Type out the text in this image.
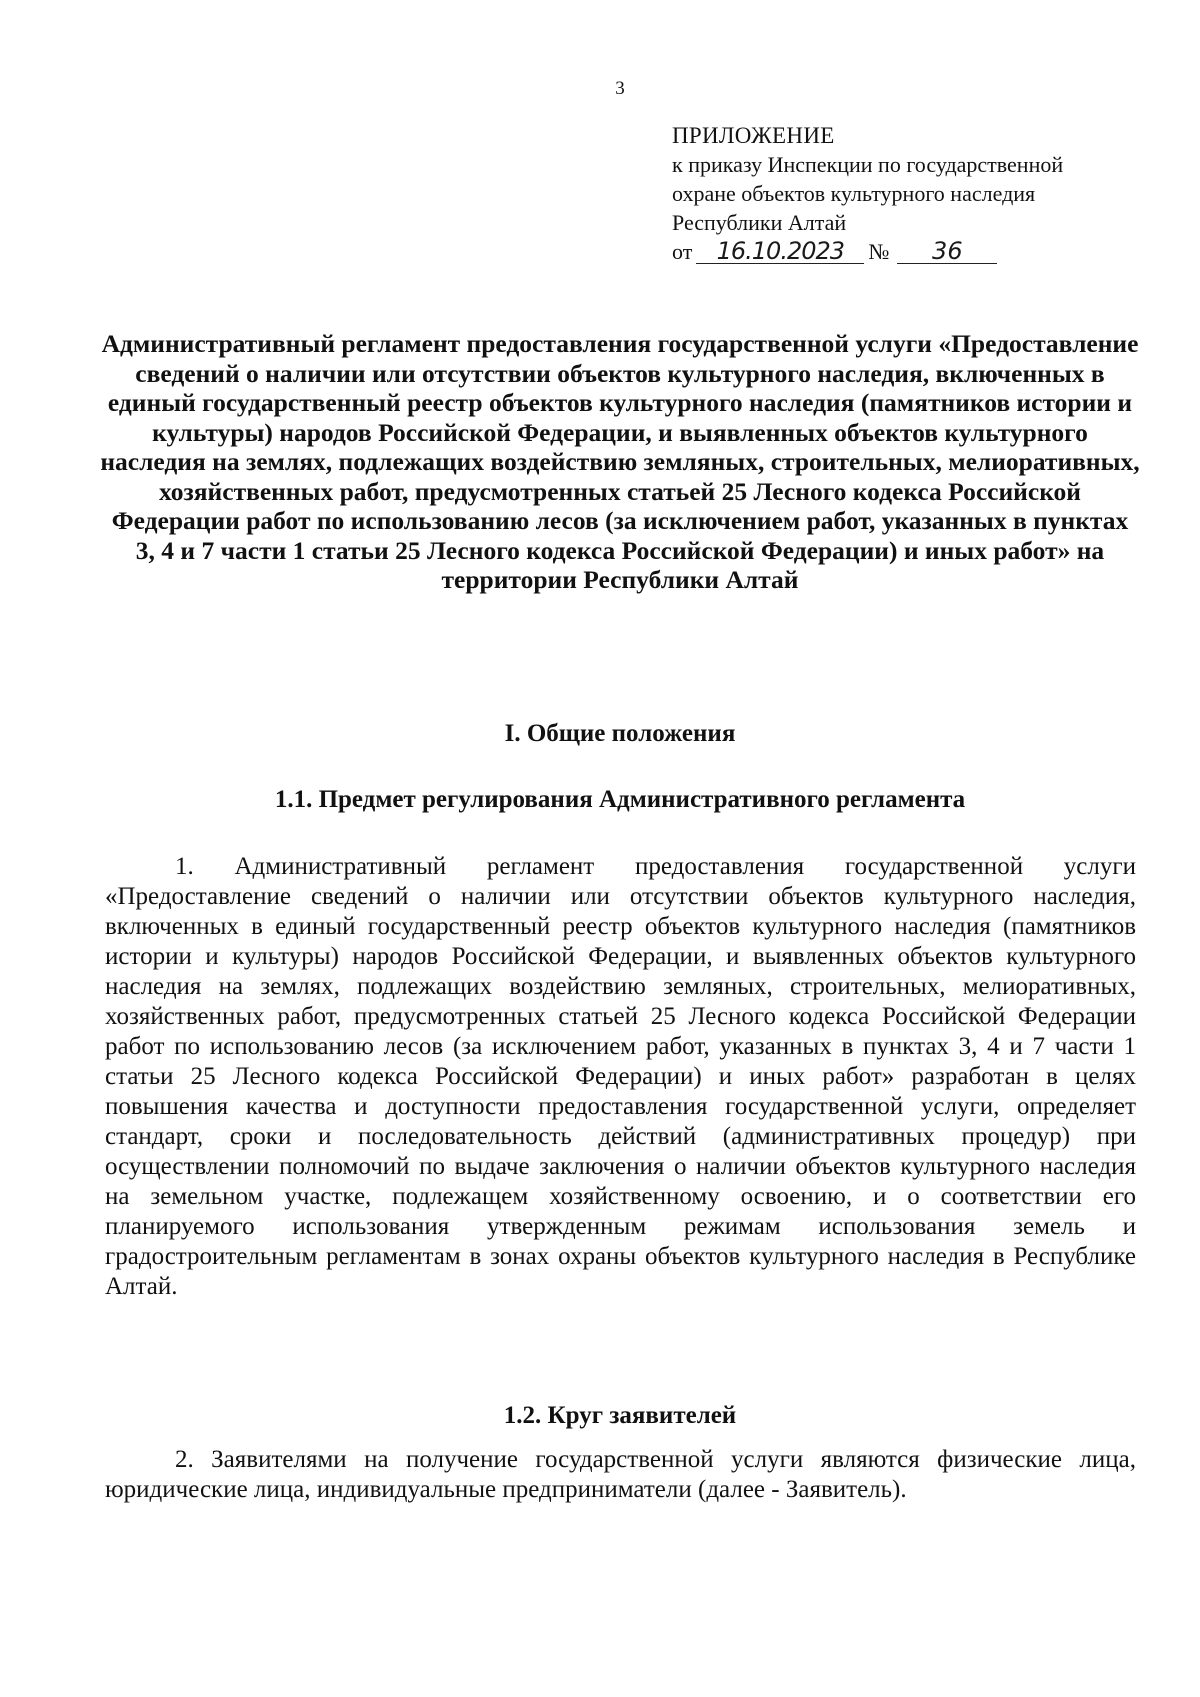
3
ПРИЛОЖЕНИЕ
к приказу Инспекции по государственной
охране объектов культурного наследия
Республики Алтай
от 16.10.2023 № 36
Административный регламент предоставления государственной услуги «Предоставление сведений о наличии или отсутствии объектов культурного наследия, включенных в единый государственный реестр объектов культурного наследия (памятников истории и культуры) народов Российской Федерации, и выявленных объектов культурного наследия на землях, подлежащих воздействию земляных, строительных, мелиоративных, хозяйственных работ, предусмотренных статьей 25 Лесного кодекса Российской Федерации работ по использованию лесов (за исключением работ, указанных в пунктах 3, 4 и 7 части 1 статьи 25 Лесного кодекса Российской Федерации) и иных работ» на территории Республики Алтай
I. Общие положения
1.1. Предмет регулирования Административного регламента

1. Административный регламент предоставления государственной услуги «Предоставление сведений о наличии или отсутствии объектов культурного наследия, включенных в единый государственный реестр объектов культурного наследия (памятников истории и культуры) народов Российской Федерации, и выявленных объектов культурного наследия на землях, подлежащих воздействию земляных, строительных, мелиоративных, хозяйственных работ, предусмотренных статьей 25 Лесного кодекса Российской Федерации работ по использованию лесов (за исключением работ, указанных в пунктах 3, 4 и 7 части 1 статьи 25 Лесного кодекса Российской Федерации) и иных работ» разработан в целях повышения качества и доступности предоставления государственной услуги, определяет стандарт, сроки и последовательность действий (административных процедур) при осуществлении полномочий по выдаче заключения о наличии объектов культурного наследия на земельном участке, подлежащем хозяйственному освоению, и о соответствии его планируемого использования утвержденным режимам использования земель и градостроительным регламентам в зонах охраны объектов культурного наследия в Республике Алтай.

1.2. Круг заявителей

2. Заявителями на получение государственной услуги являются физические лица, юридические лица, индивидуальные предприниматели (далее - Заявитель).
